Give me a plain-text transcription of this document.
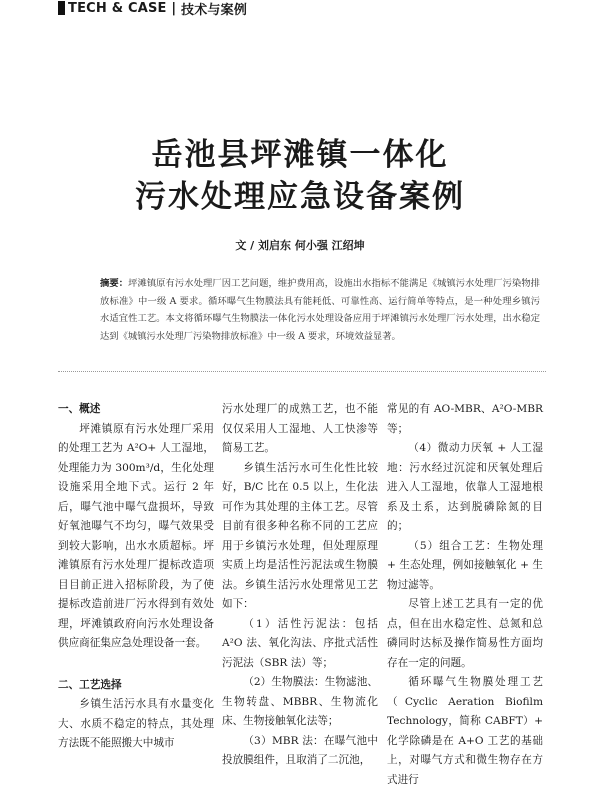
TECH & CASE | 技术与案例
岳池县坪滩镇一体化
污水处理应急设备案例
文 / 刘启东 何小强 江绍坤
摘要：坪滩镇原有污水处理厂因工艺问题，维护费用高，设施出水指标不能满足《城镇污水处理厂污染物排放标准》中一级 A 要求。循环曝气生物膜法具有能耗低、可靠性高、运行简单等特点，是一种处理乡镇污水适宜性工艺。本文将循环曝气生物膜法一体化污水处理设备应用于坪滩镇污水处理厂污水处理，出水稳定达到《城镇污水处理厂污染物排放标准》中一级 A 要求，环境效益显著。

一、概述

坪滩镇原有污水处理厂采用的处理工艺为 A²O+ 人工湿地，处理能力为 300m³/d，生化处理设施采用全地下式。运行 2 年后，曝气池中曝气盘损坏，导致好氧池曝气不均匀，曝气效果受到较大影响，出水水质超标。坪滩镇原有污水处理厂提标改造项目目前正进入招标阶段，为了使提标改造前进厂污水得到有效处理，坪滩镇政府向污水处理设备供应商征集应急处理设备一套。

二、工艺选择

乡镇生活污水具有水量变化大、水质不稳定的特点，其处理方法既不能照搬大中城市

污水处理厂的成熟工艺，也不能仅仅采用人工湿地、人工快渗等简易工艺。

乡镇生活污水可生化性比较好，B/C 比在 0.5 以上，生化法可作为其处理的主体工艺。尽管目前有很多种名称不同的工艺应用于乡镇污水处理，但处理原理实质上均是活性污泥法或生物膜法。乡镇生活污水处理常见工艺如下：

（1）活性污泥法：包括 A²O 法、氧化沟法、序批式活性污泥法（SBR 法）等；

（2）生物膜法：生物滤池、生物转盘、MBBR、生物流化床、生物接触氧化法等；

（3）MBR 法：在曝气池中投放膜组件，且取消了二沉池，

常见的有 AO-MBR、A²O-MBR 等；

（4）微动力厌氧 + 人工湿地：污水经过沉淀和厌氧处理后进入人工湿地，依靠人工湿地根系及土系，达到脱磷除氮的目的；

（5）组合工艺：生物处理 + 生态处理，例如接触氧化 + 生物过滤等。

尽管上述工艺具有一定的优点，但在出水稳定性、总氮和总磷同时达标及操作简易性方面均存在一定的问题。

循环曝气生物膜处理工艺（Cyclic Aeration Biofilm Technology，简称 CABFT）+ 化学除磷是在 A+O 工艺的基础上，对曝气方式和微生物存在方式进行
